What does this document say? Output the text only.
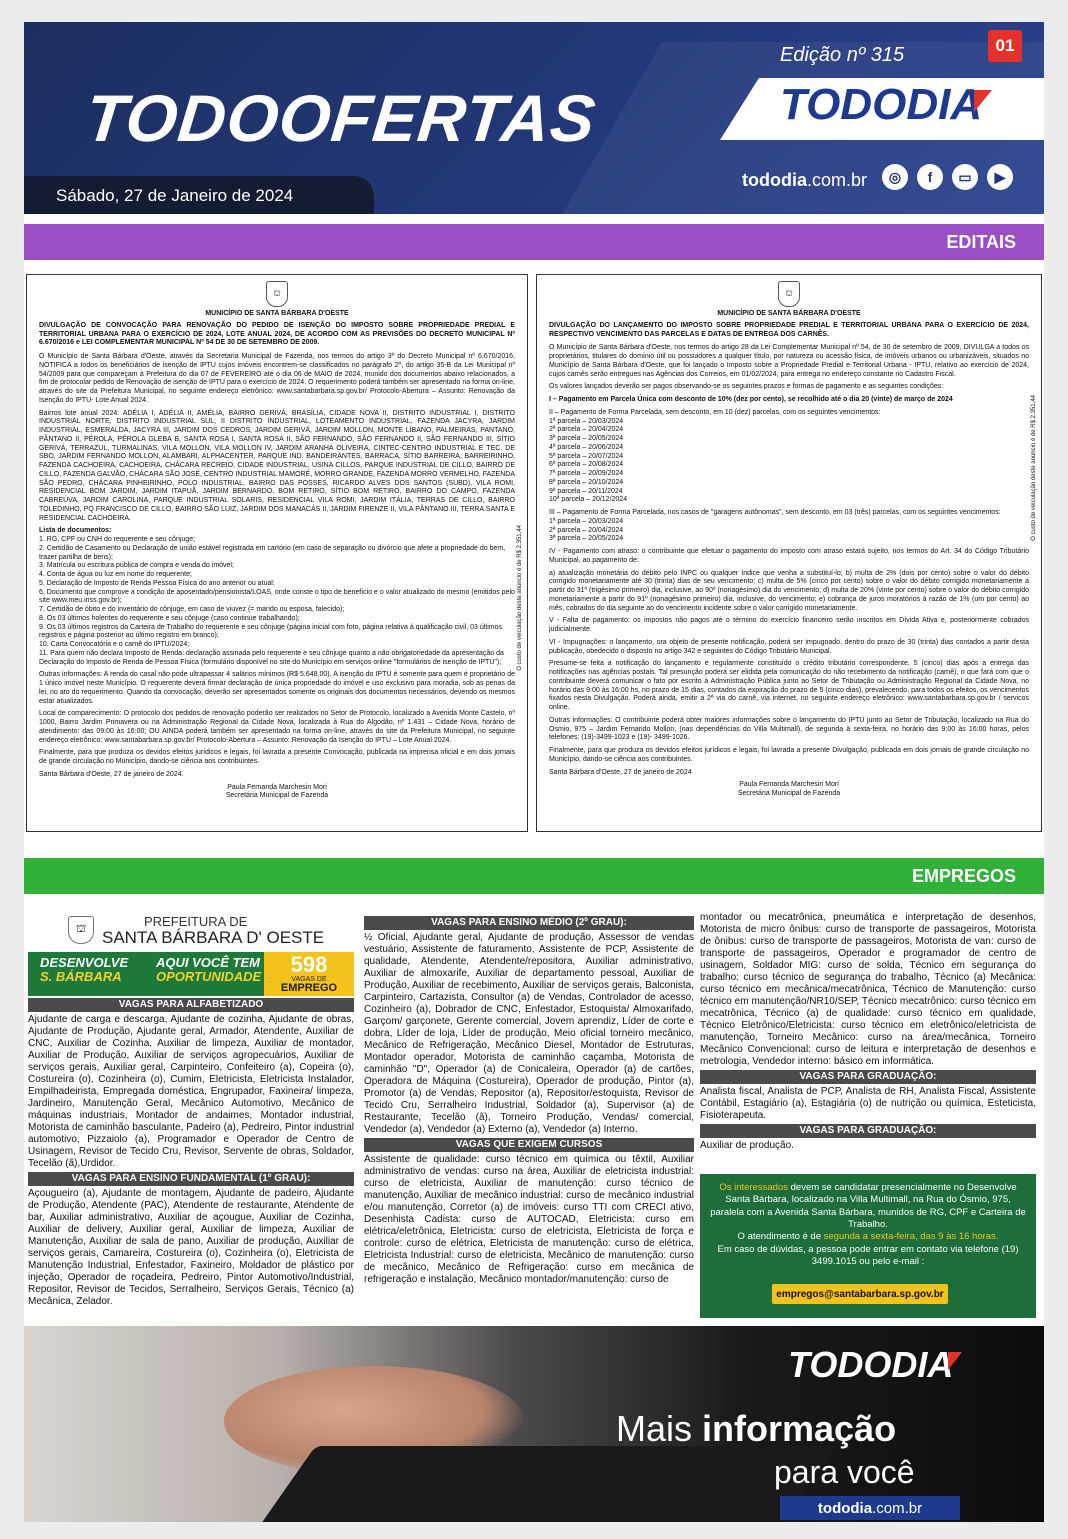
Edição nº 315	01
TODOOFERTAS	TODODIA
tododia.com.br	◎	f	▭	▶
Sábado, 27 de Janeiro de 2024
EDITAIS
⛫
MUNICÍPIO DE SANTA BÁRBARA D'OESTE
DIVULGAÇÃO DE CONVOCAÇÃO PARA RENOVAÇÃO DO PEDIDO DE ISENÇÃO DO IMPOSTO SOBRE PROPRIEDADE PREDIAL E TERRITORIAL URBANA PARA O EXERCÍCIO DE 2024, LOTE ANUAL 2024, DE ACORDO COM AS PREVISÕES DO DECRETO MUNICIPAL Nº 6.670/2016 e LEI COMPLEMENTAR MUNICIPAL Nº 54 DE 30 DE SETEMBRO DE 2009.

O Município de Santa Bárbara d'Oeste, através da Secretaria Municipal de Fazenda, nos termos do artigo 3º do Decreto Municipal nº 6.670/2016, NOTIFICA a todos os beneficiários de isenção de IPTU cujos imóveis encontrem-se classificados no parágrafo 2º, do artigo 35-B da Lei Municipal nº 54/2009 para que compareçam à Prefeitura do dia 07 de FEVEREIRO até o dia 06 de MAIO de 2024, munido dos documentos abaixo relacionados, a fim de protocolar pedido de Renovação de isenção de IPTU para o exercício de 2024. O requerimento poderá também ser apresentado na forma on-line, através do site da Prefeitura Municipal, no seguinte endereço eletrônico: www.santabarbara.sp.gov.br/ Protocolo-Abertura – Assunto: Renovação da Isenção do IPTU- Lote Anual 2024.

Bairros lote anual 2024: ADÉLIA I, ADÉLIA II, AMÉLIA, BAIRRO GERIVÁ, BRASÍLIA, CIDADE NOVA II, DISTRITO INDUSTRIAL I, DISTRITO INDUSTRIAL NORTE, DISTRITO INDUSTRIAL SUL, II DISTRITO INDUSTRIAL, LOTEAMENTO INDUSTRIAL, FAZENDA JACYRA, JARDIM INDUSTRIAL, ESMERALDA, JACYRA III, JARDIM DOS CEDROS, JARDIM GERIVÁ, JARDIM MOLLON, MONTE LÍBANO, PALMEIRAS, PANTANO, PÂNTANO II, PÉROLA, PÉROLA GLEBA B, SANTA ROSA I, SANTA ROSA II, SÃO FERNANDO, SÃO FERNANDO II, SÃO FERNANDO III, SÍTIO GERIVÁ, TERRAZUL, TURMALINAS, VILA MOLLON, VILA MOLLON IV, JARDIM ARANHA OLIVEIRA, CINTEC-CENTRO INDUSTRIAL E TEC. DE SBO, JARDIM FERNANDO MOLLON, ALAMBARI, ALPHACENTER, PARQUE IND. BANDEIRANTES, BARRACA, SÍTIO BARREIRA, BARREIRINHO, FAZENDA CACHOEIRA, CACHOEIRA, CHÁCARA RECREIO, CIDADE INDUSTRIAL, USINA CILLOS, PARQUE INDUSTRIAL DE CILLO, BAIRRO DE CILLO, FAZENDA GALVÃO, CHÁCARA SÃO JOSÉ, CENTRO INDUSTRIAL MAMORÉ, MORRO GRANDE, FAZENDA MORRO VERMELHO, FAZENDA SÃO PEDRO, CHÁCARA PINHEIRINHO, POLO INDUSTRIAL, BAIRRO DAS POSSES, RICARDO ALVES DOS SANTOS (SUBD), VILA ROMI, RESIDENCIAL BOM JARDIM, JARDIM ITAPUÃ, JARDIM BERNARDO, BOM RETIRO, SÍTIO BOM RETIRO, BAIRRO DO CAMPO, FAZENDA CABREÚVA, JARDIM CAROLINA, PARQUE INDUSTRIAL SOLARIS, RESIDENCIAL VILA ROMI, JARDIM ITÁLIA, TERRAS DE CILLO, BAIRRO TOLEDINHO, PQ FRANCISCO DE CILLO, BAIRRO SÃO LUIZ, JARDIM DOS MANACÁS II, JARDIM FIRENZE II, VILA PÂNTANO III, TERRA SANTA E RESIDENCIAL CACHOEIRA.

Lista de documentos:

1. RG, CPF ou CNH do requerente e seu cônjuge;
2. Certidão de Casamento ou Declaração de união estável registrada em cartório (em caso de separação ou divórcio que afete a propriedade do bem, trazer partilha de bens);
3. Matrícula ou escritura pública de compra e venda do imóvel;
4. Conta de água ou luz em nome do requerente;
5. Declaração de Imposto de Renda Pessoa Física do ano anterior ou atual;
6. Documento que comprove a condição de aposentado/pensionista/LOAS, onde conste o tipo de benefício e o valor atualizado do mesmo (emitidos pelo site www.meu.inss.gov.br);
7. Certidão de óbito e do inventário do cônjuge, em caso de viuvez (= marido ou esposa, falecido);
8. Os 03 últimos holerites do requerente e seu cônjuge (caso continue trabalhando);
9. Os 03 últimos registros da Carteira de Trabalho do requerente e seu cônjuge (página inicial com foto, página relativa à qualificação civil, 03 últimos registros e página posterior ao último registro em branco);
10. Carta Convocatória e o carnê do IPTU/2024;
11. Para quem não declara Imposto de Renda: declaração assinada pelo requerente e seu cônjuge quanto a não obrigatoriedade da apresentação da Declaração do Imposto de Renda de Pessoa Física (formulário disponível no site do Município em serviços online "formulários de isenção de IPTU");

Outras informações: A renda do casal não pode ultrapassar 4 salários mínimos (R$ 5.648,00). A isenção do IPTU é somente para quem é proprietário de 1 único imóvel neste Município. O requerente deverá firmar declaração de única propriedade do imóvel e uso exclusivo para moradia, sob as penas da lei, no ato do requerimento. Quando da convocação, deverão ser apresentados somente os originais dos documentos necessários, devendo os mesmos estar atualizados.

Local de comparecimento: O protocolo dos pedidos de renovação poderão ser realizados no Setor de Protocolo, localizado a Avenida Monte Castelo, nº 1000, Bairro Jardim Primavera ou na Administração Regional da Cidade Nova, localizada à Rua do Algodão, nº 1.431 – Cidade Nova, horário de atendimento: das 09:00 às 16:00; OU AINDA poderá também ser apresentado na forma on-line, através do site da Prefeitura Municipal, no seguinte endereço eletrônico: www.santabarbara.sp.gov.br/ Protocolo-Abertura – Assunto: Renovação da Isenção do IPTU – Lote Anual 2024.

Finalmente, para que produza os devidos efeitos jurídicos e legais, foi lavrada a presente Convocação, publicada na imprensa oficial e em dois jornais de grande circulação no Município, dando-se ciência aos contribuintes.

Santa Bárbara d'Oeste, 27 de janeiro de 2024.

Paula Fernanda Marchesin Mori
Secretária Municipal de Fazenda
O custo de veiculação deste anúncio é de R$ 2.351,44
⛫
MUNICÍPIO DE SANTA BÁRBARA D'OESTE
DIVULGAÇÃO DO LANÇAMENTO DO IMPOSTO SOBRE PROPRIEDADE PREDIAL E TERRITORIAL URBANA PARA O EXERCÍCIO DE 2024, RESPECTIVO VENCIMENTO DAS PARCELAS E DATAS DE ENTREGA DOS CARNÊS.

O Município de Santa Bárbara d'Oeste, nos termos do artigo 28 da Lei Complementar Municipal nº 54, de 30 de setembro de 2009, DIVULGA a todos os proprietários, titulares do domínio útil ou possuidores a qualquer título, por natureza ou acessão física, de imóveis urbanos ou urbanizáveis, situados no Município de Santa Bárbara d'Oeste, que foi lançado o Imposto sobre a Propriedade Predial e Territorial Urbana - IPTU, relativo ao exercício de 2024, cujos carnês serão entregues nas Agências dos Correios, em 01/02/2024, para entrega no endereço constante no Cadastro Fiscal.

Os valores lançados deverão ser pagos observando-se os seguintes prazos e formas de pagamento e as seguintes condições:

I – Pagamento em Parcela Única com desconto de 10% (dez por cento), se recolhido até o dia 20 (vinte) de março de 2024

II – Pagamento de Forma Parcelada, sem desconto, em 10 (dez) parcelas, com os seguintes vencimentos:

1ª parcela – 20/03/2024
2ª parcela – 20/04/2024
3ª parcela – 20/05/2024
4ª parcela – 20/06/2024
5ª parcela – 20/07/2024
6ª parcela – 20/08/2024
7ª parcela – 20/09/2024
8ª parcela – 20/10/2024
9ª parcela – 20/11/2024
10ª parcela – 20/12/2024

III – Pagamento de Forma Parcelada, nos casos de "garagens autônomas", sem desconto, em 03 (três) parcelas, com os seguintes vencimentos:

1ª parcela – 20/03/2024
2ª parcela – 20/04/2024
3ª parcela – 20/05/2024

IV - Pagamento com atraso: o contribuinte que efetuar o pagamento do imposto com atraso estará sujeito, nos termos do Art. 34 do Código Tributário Municipal, ao pagamento de:

a) atualização monetária do débito pelo INPC ou qualquer índice que venha a substituí-lo; b) multa de 2% (dois por cento) sobre o valor do débito corrigido monetariamente até 30 (trinta) dias de seu vencimento; c) multa de 5% (cinco por cento) sobre o valor do débito corrigido monetariamente a partir do 31º (trigésimo primeiro) dia, inclusive, ao 90º (nonagésimo) dia do vencimento; d) multa de 20% (vinte por cento) sobre o valor do débito corrigido monetariamente a partir do 91º (nonagésimo primeiro) dia, inclusive, do vencimento; e) cobrança de juros moratórios à razão de 1% (um por cento) ao mês, cobrados do dia seguinte ao do vencimento incidente sobre o valor corrigido monetariamente.

V - Falta de pagamento: os impostos não pagos até o término do exercício financeiro serão inscritos em Dívida Ativa e, posteriormente cobrados judicialmente.

VI - Impugnações: o lançamento, ora objeto de presente notificação, poderá ser impugnado, dentro do prazo de 30 (trinta) dias contados a partir desta publicação, obedecido o disposto no artigo 342 e seguintes do Código Tributário Municipal.

Presume-se feita a notificação do lançamento e regularmente constituído o crédito tributário correspondente, 5 (cinco) dias após a entrega das notificações nas agências postais. Tal presunção poderá ser elidida pela comunicação do não recebimento da notificação (carnê), o que fará com que o contribuinte deverá comunicar o fato por escrito à Administração Pública junto ao Setor de Tributação ou Administração Regional da Cidade Nova, no horário das 9:00 às 16:00 hs, no prazo de 15 dias, contados da expiração do prazo de 5 (cinco dias), prevalecendo, para todos os efeitos, os vencimentos fixados nesta Divulgação. Poderá ainda, emitir a 2ª via do carnê, via internet, no seguinte endereço eletrônico: www.santabarbara.sp.gov.br / servicos online.

Outras informações: O contribuinte poderá obter maiores informações sobre o lançamento do IPTU junto ao Setor de Tributação, localizado na Rua do Ósmio, 975 – Jardim Fernando Mollon, (nas dependências do Villa Multimall), de segunda à sexta-feira, no horário das 9:00 às 16:00 horas, pelos telefones: (19)-3499-1023 e (19)- 3499-1026.

Finalmente, para que produza os devidos efeitos jurídicos e legais, foi lavrada a presente Divulgação, publicada em dois jornais de grande circulação no Município, dando-se ciência aos contribuintes.

Santa Bárbara d'Oeste, 27 de janeiro de 2024

Paula Fernanda Marchesin Mori
Secretária Municipal de Fazenda
O custo de veiculação deste anúncio é de R$ 2.351,44
EMPREGOS
⛫	PREFEITURA DE
SANTA BÁRBARA D' OESTE
DESENVOLVE
S. BÁRBARA
AQUI VOCÊ TEM
OPORTUNIDADE	598
VAGAS DE
EMPREGO
VAGAS PARA ALFABETIZADO
Ajudante de carga e descarga, Ajudante de cozinha, Ajudante de obras, Ajudante de Produção, Ajudante geral, Armador, Atendente, Auxiliar de CNC, Auxiliar de Cozinha, Auxiliar de limpeza, Auxiliar de montador, Auxiliar de Produção, Auxiliar de serviços agropecuários, Auxiliar de serviços gerais, Auxiliar geral, Carpinteiro, Confeiteiro (a), Copeira (o), Costureira (o), Cozinheira (o), Cumim, Eletricista, Eletricista Instalador, Empilhadeirista, Empregada doméstica, Engrupador, Faxineira/ limpeza, Jardineiro, Manutenção Geral, Mecânico Automotivo, Mecânico de máquinas industriais, Montador de andaimes, Montador industrial, Motorista de caminhão basculante, Padeiro (a), Pedreiro, Pintor industrial automotivo, Pizzaiolo (a), Programador e Operador de Centro de Usinagem, Revisor de Tecido Cru, Revisor, Servente de obras, Soldador, Tecelão (ã),Urdidor.
VAGAS PARA ENSINO FUNDAMENTAL (1º GRAU):
Açougueiro (a), Ajudante de montagem, Ajudante de padeiro, Ajudante de Produção, Atendente (PAC), Atendente de restaurante, Atendente de bar, Auxiliar administrativo, Auxiliar de açougue, Auxiliar de Cozinha, Auxiliar de delivery, Auxiliar geral, Auxiliar de limpeza, Auxiliar de Manutenção, Auxiliar de sala de pano, Auxiliar de produção, Auxiliar de serviços gerais, Camareira, Costureira (o), Cozinheira (o), Eletricista de Manutenção Industrial, Enfestador, Faxineiro, Moldador de plástico por injeção, Operador de roçadeira, Pedreiro, Pintor Automotivo/Industrial, Repositor, Revisor de Tecidos, Serralheiro, Serviços Gerais, Técnico (a) Mecânica, Zelador.
VAGAS PARA ENSINO MÉDIO (2º GRAU):
½ Oficial, Ajudante geral, Ajudante de produção, Assessor de vendas vestuário, Assistente de faturamento, Assistente de PCP, Assistente de qualidade, Atendente, Atendente/repositora, Auxiliar administrativo, Auxiliar de almoxarife, Auxiliar de departamento pessoal, Auxiliar de Produção, Auxiliar de recebimento, Auxiliar de serviços gerais, Balconista, Carpinteiro, Cartazista, Consultor (a) de Vendas, Controlador de acesso, Cozinheiro (a), Dobrador de CNC, Enfestador, Estoquista/ Almoxarifado, Garçom/ garçonete, Gerente comercial, Jovem aprendiz, Líder de corte e dobra, Líder de loja, Líder de produção, Meio oficial torneiro mecânico, Mecânico de Refrigeração, Mecânico Diesel, Montador de Estruturas, Montador operador, Motorista de caminhão caçamba, Motorista de caminhão "D", Operador (a) de Conicaleira, Operador (a) de cartões, Operadora de Máquina (Costureira), Operador de produção, Pintor (a), Promotor (a) de Vendas, Repositor (a), Repositor/estoquista, Revisor de Tecido Cru, Serralheiro Industrial, Soldador (a), Supervisor (a) de Restaurante, Tecelão (ã), Torneiro Produção, Vendas/ comercial, Vendedor (a), Vendedor (a) Externo (a), Vendedor (a) Interno.
VAGAS QUE EXIGEM CURSOS
Assistente de qualidade: curso técnico em química ou têxtil, Auxiliar administrativo de vendas: curso na área, Auxiliar de eletricista industrial: curso de eletricista, Auxiliar de manutenção: curso técnico de manutenção, Auxiliar de mecânico industrial: curso de mecânico industrial e/ou manutenção, Corretor (a) de imóveis: curso TTI com CRECI ativo, Desenhista Cadista: curso de AUTOCAD, Eletricista: curso em elétrica/eletrônica, Eletricista: curso de eletricista, Eletricista de força e controle: curso de elétrica, Eletricista de manutenção: curso de elétrica, Eletricista Industrial: curso de eletricista, Mecânico de manutenção: curso de mecânico, Mecânico de Refrigeração: curso em mecânica de refrigeração e instalação, Mecânico montador/manutenção: curso de
montador ou mecatrônica, pneumática e interpretação de desenhos, Motorista de micro ônibus: curso de transporte de passageiros, Motorista de ônibus: curso de transporte de passageiros, Motorista de van: curso de transporte de passageiros, Operador e programador de centro de usinagem, Soldador MIG: curso de solda, Técnico em segurança do trabalho: curso técnico de segurança do trabalho, Técnico (a) Mecânica: curso técnico em mecânica/mecatrônica, Técnico de Manutenção: curso técnico em manutenção/NR10/SEP, Técnico mecatrônico: curso técnico em mecatrônica, Técnico (a) de qualidade: curso técnico em qualidade, Técnico Eletrônico/Eletricista: curso técnico em eletrônico/eletricista de manutenção, Torneiro Mecânico: curso na área/mecânica, Torneiro Mecânico Convencional: curso de leitura e interpretação de desenhos e metrologia, Vendedor interno: básico em informática.
VAGAS PARA GRADUAÇÃO:
Analista fiscal, Analista de PCP, Analista de RH, Analista Fiscal, Assistente Contábil, Estagiário (a), Estagiária (o) de nutrição ou química, Esteticista, Fisioterapeuta.
VAGAS PARA GRADUAÇÃO:
Auxiliar de produção.
Os interessados devem se candidatar presencialmente no Desenvolve Santa Bárbara, localizado na Villa Multimall, na Rua do Ósmio, 975, paralela com a Avenida Santa Bárbara, munidos de RG, CPF e Carteira de Trabalho.
O atendimento é de segunda a sexta-feira, das 9 às 16 horas.
Em caso de dúvidas, a pessoa pode entrar em contato via telefone (19) 3499.1015 ou pelo e-mail :
empregos@santabarbara.sp.gov.br
TODODIA
Mais informação
para você
tododia .com.br
